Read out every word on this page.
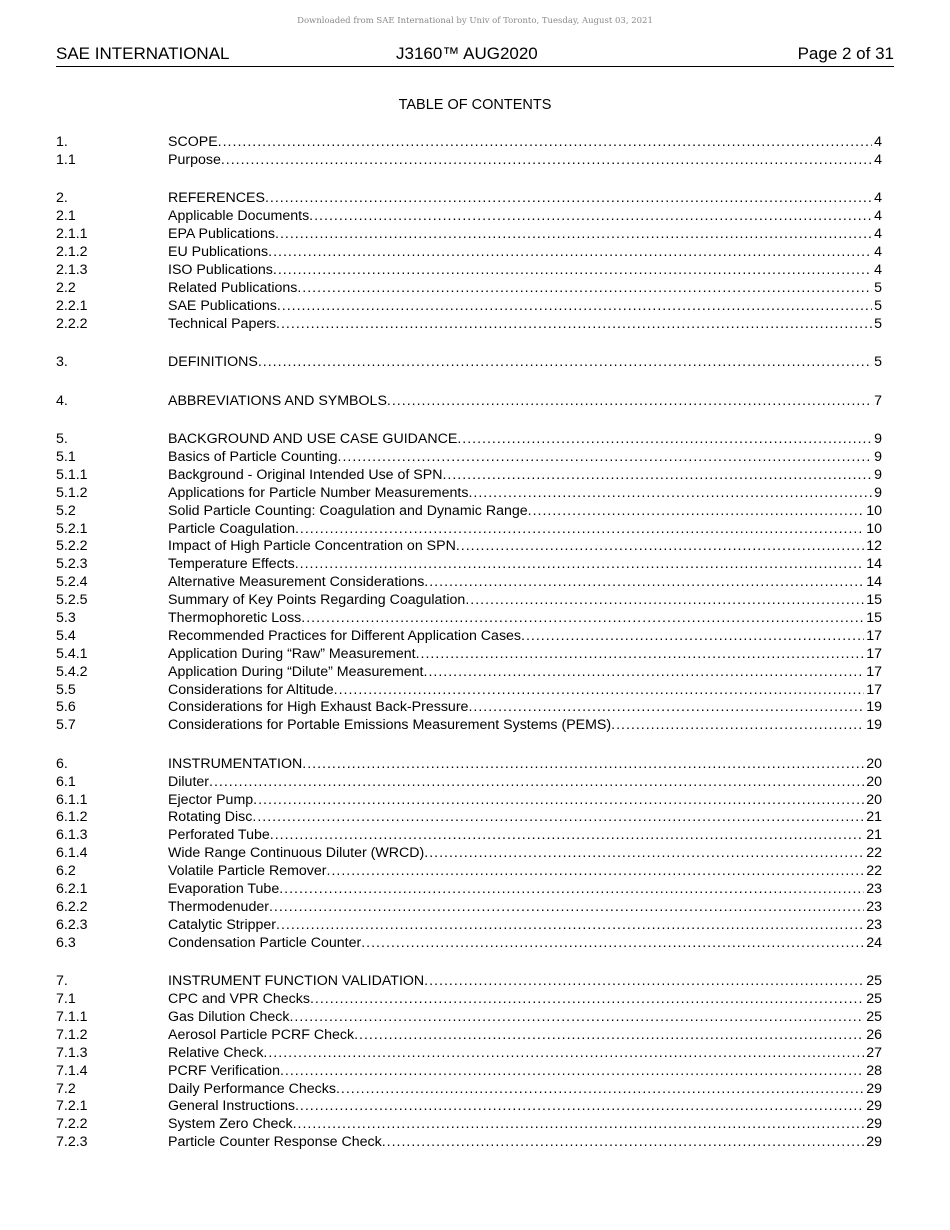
Downloaded from SAE International by Univ of Toronto, Tuesday, August 03, 2021
SAE INTERNATIONAL	J3160™ AUG2020	Page 2 of 31
TABLE OF CONTENTS
1.	SCOPE .....	4
1.1	Purpose .....	4
2.	REFERENCES .....	4
2.1	Applicable Documents .....	4
2.1.1	EPA Publications .....	4
2.1.2	EU Publications .....	4
2.1.3	ISO Publications .....	4
2.2	Related Publications .....	5
2.2.1	SAE Publications .....	5
2.2.2	Technical Papers .....	5
3.	DEFINITIONS .....	5
4.	ABBREVIATIONS AND SYMBOLS .....	7
5.	BACKGROUND AND USE CASE GUIDANCE .....	9
5.1	Basics of Particle Counting .....	9
5.1.1	Background - Original Intended Use of SPN .....	9
5.1.2	Applications for Particle Number Measurements .....	9
5.2	Solid Particle Counting: Coagulation and Dynamic Range .....	10
5.2.1	Particle Coagulation .....	10
5.2.2	Impact of High Particle Concentration on SPN .....	12
5.2.3	Temperature Effects .....	14
5.2.4	Alternative Measurement Considerations .....	14
5.2.5	Summary of Key Points Regarding Coagulation .....	15
5.3	Thermophoretic Loss .....	15
5.4	Recommended Practices for Different Application Cases .....	17
5.4.1	Application During “Raw” Measurement .....	17
5.4.2	Application During “Dilute” Measurement .....	17
5.5	Considerations for Altitude .....	17
5.6	Considerations for High Exhaust Back-Pressure .....	19
5.7	Considerations for Portable Emissions Measurement Systems (PEMS) .....	19
6.	INSTRUMENTATION .....	20
6.1	Diluter .....	20
6.1.1	Ejector Pump .....	20
6.1.2	Rotating Disc .....	21
6.1.3	Perforated Tube .....	21
6.1.4	Wide Range Continuous Diluter (WRCD) .....	22
6.2	Volatile Particle Remover .....	22
6.2.1	Evaporation Tube .....	23
6.2.2	Thermodenuder .....	23
6.2.3	Catalytic Stripper .....	23
6.3	Condensation Particle Counter .....	24
7.	INSTRUMENT FUNCTION VALIDATION .....	25
7.1	CPC and VPR Checks .....	25
7.1.1	Gas Dilution Check .....	25
7.1.2	Aerosol Particle PCRF Check .....	26
7.1.3	Relative Check .....	27
7.1.4	PCRF Verification .....	28
7.2	Daily Performance Checks .....	29
7.2.1	General Instructions .....	29
7.2.2	System Zero Check .....	29
7.2.3	Particle Counter Response Check .....	29
